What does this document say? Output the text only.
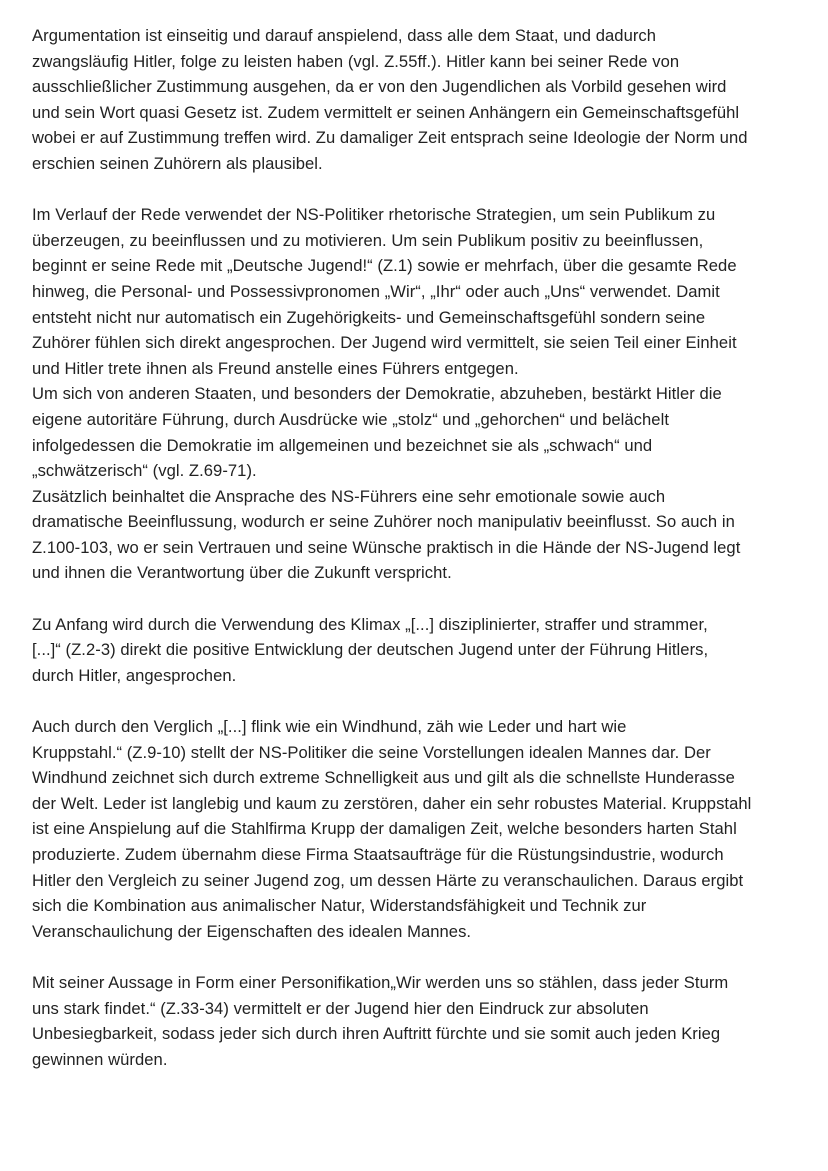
Argumentation ist einseitig und darauf anspielend, dass alle dem Staat, und dadurch
zwangsläufig Hitler, folge zu leisten haben (vgl. Z.55ff.). Hitler kann bei seiner Rede von
ausschließlicher Zustimmung ausgehen, da er von den Jugendlichen als Vorbild gesehen wird
und sein Wort quasi Gesetz ist. Zudem vermittelt er seinen Anhängern ein Gemeinschaftsgefühl
wobei er auf Zustimmung treffen wird. Zu damaliger Zeit entsprach seine Ideologie der Norm und
erschien seinen Zuhörern als plausibel.
Im Verlauf der Rede verwendet der NS-Politiker rhetorische Strategien, um sein Publikum zu
überzeugen, zu beeinflussen und zu motivieren. Um sein Publikum positiv zu beeinflussen,
beginnt er seine Rede mit „Deutsche Jugend!“ (Z.1) sowie er mehrfach, über die gesamte Rede
hinweg, die Personal- und Possessivpronomen „Wir“, „Ihr“ oder auch „Uns“ verwendet. Damit
entsteht nicht nur automatisch ein Zugehörigkeits- und Gemeinschaftsgefühl sondern seine
Zuhörer fühlen sich direkt angesprochen. Der Jugend wird vermittelt, sie seien Teil einer Einheit
und Hitler trete ihnen als Freund anstelle eines Führers entgegen.
Um sich von anderen Staaten, und besonders der Demokratie, abzuheben, bestärkt Hitler die
eigene autoritäre Führung, durch Ausdrücke wie „stolz“ und „gehorchen“ und belächelt
infolgedessen die Demokratie im allgemeinen und bezeichnet sie als „schwach“ und
„schwätzerisch“ (vgl. Z.69-71).
Zusätzlich beinhaltet die Ansprache des NS-Führers eine sehr emotionale sowie auch
dramatische Beeinflussung, wodurch er seine Zuhörer noch manipulativ beeinflusst. So auch in
Z.100-103, wo er sein Vertrauen und seine Wünsche praktisch in die Hände der NS-Jugend legt
und ihnen die Verantwortung über die Zukunft verspricht.
Zu Anfang wird durch die Verwendung des Klimax „[...] disziplinierter, straffer und strammer,
[...]“ (Z.2-3) direkt die positive Entwicklung der deutschen Jugend unter der Führung Hitlers,
durch Hitler, angesprochen.
Auch durch den Verglich „[...] flink wie ein Windhund, zäh wie Leder und hart wie
Kruppstahl.“ (Z.9-10) stellt der NS-Politiker die seine Vorstellungen idealen Mannes dar. Der
Windhund zeichnet sich durch extreme Schnelligkeit aus und gilt als die schnellste Hunderasse
der Welt. Leder ist langlebig und kaum zu zerstören, daher ein sehr robustes Material. Kruppstahl
ist eine Anspielung auf die Stahlfirma Krupp der damaligen Zeit, welche besonders harten Stahl
produzierte. Zudem übernahm diese Firma Staatsaufträge für die Rüstungsindustrie, wodurch
Hitler den Vergleich zu seiner Jugend zog, um dessen Härte zu veranschaulichen. Daraus ergibt
sich die Kombination aus animalischer Natur, Widerstandsfähigkeit und Technik zur
Veranschaulichung der Eigenschaften des idealen Mannes.
Mit seiner Aussage in Form einer Personifikation„Wir werden uns so stählen, dass jeder Sturm
uns stark findet.“ (Z.33-34) vermittelt er der Jugend hier den Eindruck zur absoluten
Unbesiegbarkeit, sodass jeder sich durch ihren Auftritt fürchte und sie somit auch jeden Krieg
gewinnen würden.
